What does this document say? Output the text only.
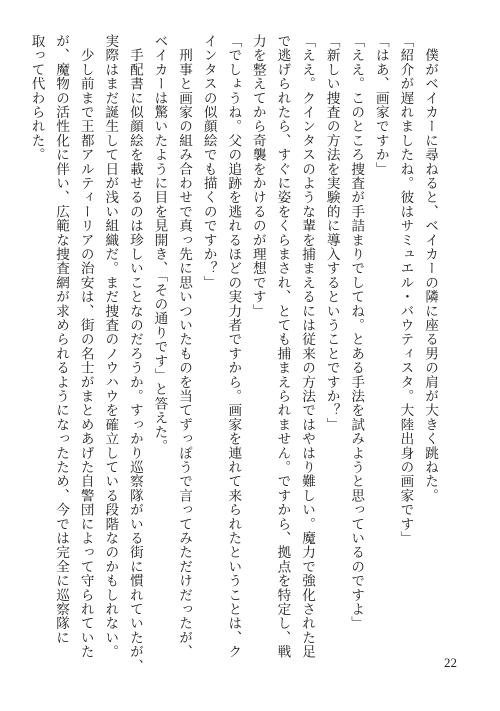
　僕がベイカーに尋ねると、ベイカーの隣に座る男の肩が大きく跳ねた。
「紹介が遅れましたね。彼はサミュエル・バウティスタ。大陸出身の画家です」
「はあ、画家ですか」
「ええ。このところ捜査が手詰まりでしてね。とある手法を試みようと思っているのですよ」
「新しい捜査の方法を実験的に導入するということですか？」
「ええ。クインタスのような輩を捕まえるには従来の方法ではやはり難しい。魔力で強化された足
で逃げられたら、すぐに姿をくらまされ、とても捕まえられません。ですから、拠点を特定し、戦
力を整えてから奇襲をかけるのが理想です」
「でしょうね。父の追跡を逃れるほどの実力者ですから。画家を連れて来られたということは、ク
インタスの似顔絵でも描くのですか？」
　刑事と画家の組み合わせで真っ先に思いついたものを当てずっぽうで言ってみただけだったが、
ベイカーは驚いたように目を見開き、「その通りです」と答えた。
　手配書に似顔絵を載せるのは珍しいことなのだろうか。すっかり巡察隊がいる街に慣れていたが、
実際はまだ誕生して日が浅い組織だ。まだ捜査のノウハウを確立している段階なのかもしれない。
　少し前まで王都アルティーリアの治安は、街の名士がまとめあげた自警団によって守られていた
が、魔物の活性化に伴い、広範な捜査網が求められるようになったため、今では完全に巡察隊に
取って代わられた。
22
